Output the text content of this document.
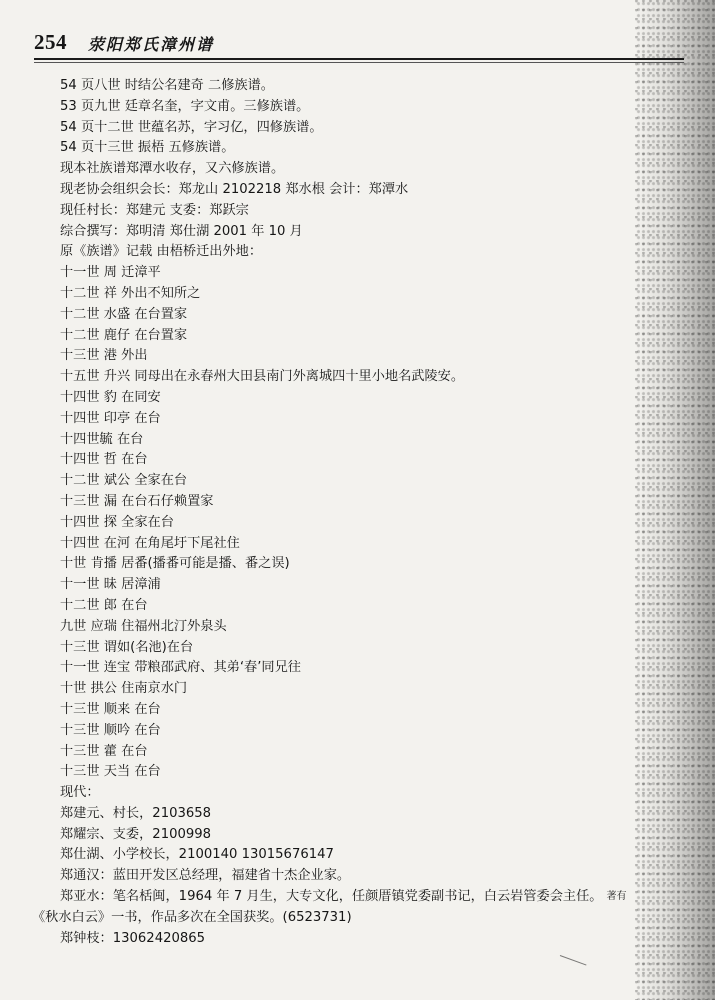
254 荥阳郑氏漳州谱
54 页八世 时结公名建奇 二修族谱。
53 页九世 廷章名奎，字文甫。三修族谱。
54 页十二世 世蕴名苏，字习亿，四修族谱。
54 页十三世 振梧 五修族谱。
现本社族谱郑潭水收存，又六修族谱。
现老协会组织会长：郑龙山 2102218 郑水根 会计：郑潭水
现任村长：郑建元 支委：郑跃宗
综合撰写：郑明清 郑仕湖 2001 年 10 月
原《族谱》记载 由梧桥迁出外地：
十一世 周 迁漳平
十二世 祥 外出不知所之
十二世 水盛 在台置家
十二世 鹿仔 在台置家
十三世 港 外出
十五世 升兴 同母出在永春州大田县南门外离城四十里小地名武陵安。
十四世 豹 在同安
十四世 印亭 在台
十四世毓 在台
十四世 哲 在台
十二世 斌公 全家在台
十三世 漏 在台石仔赖置家
十四世 探 全家在台
十四世 在河 在角尾圩下尾社住
十世 肯播 居番(播番可能是播、番之误)
十一世 昧 居漳浦
十二世 郎 在台
九世 应瑞 住福州北汀外泉头
十三世 谓如(名池)在台
十一世 连宝 带粮邵武府、其弟‘春’同兄往
十世 拱公 住南京水门
十三世 顺来 在台
十三世 顺吟 在台
十三世 藿 在台
十三世 天当 在台
现代：
郑建元、村长，2103658
郑耀宗、支委，2100998
郑仕湖、小学校长，2100140 13015676147
郑通汉：蓝田开发区总经理，福建省十杰企业家。
郑亚水：笔名栝闽，1964 年 7 月生，大专文化，任颜厝镇党委副书记，白云岩管委会主任。 $^{著有}$
《秋水白云》一书，作品多次在全国获奖。(6523731)
郑钟枝：13062420865
